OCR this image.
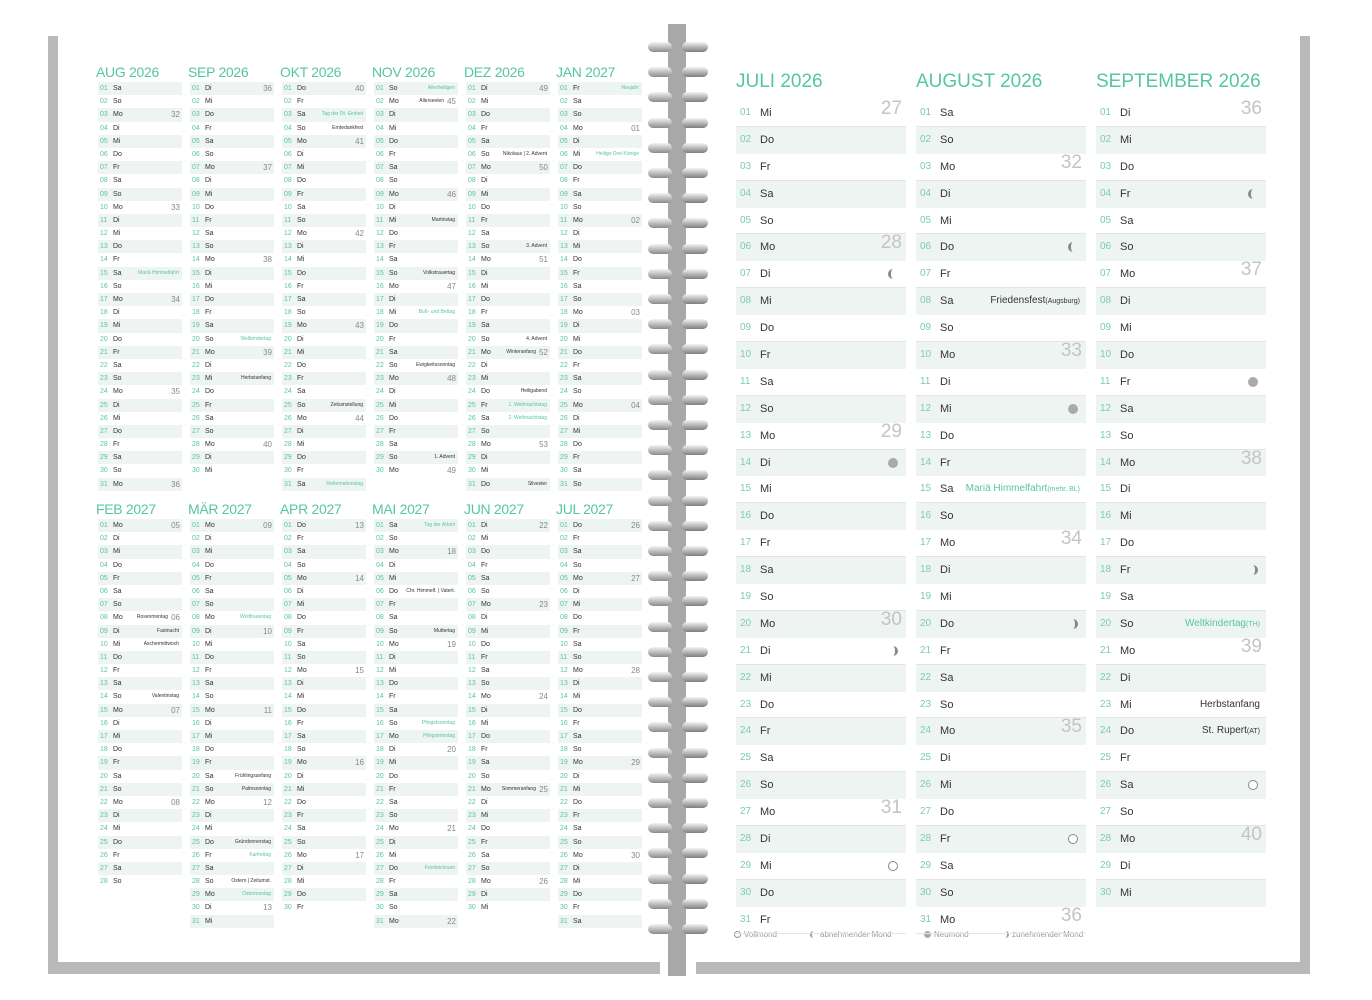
AUG 2026
01 Sa
02 So
03 Mo	32
04 Di
05 Mi
06 Do
07 Fr
08 Sa
09 So
10 Mo	33
11 Di
12 Mi
13 Do
14 Fr
15 Sa	Mariä Himmelfahrt
16 So
17 Mo	34
18 Di
19 Mi
20 Do
21 Fr
22 Sa
23 So
24 Mo	35
25 Di
26 Mi
27 Do
28 Fr
29 Sa
30 So
31 Mo	36
SEP 2026
01 Di	36
02 Mi
03 Do
04 Fr
05 Sa
06 So
07 Mo	37
08 Di
09 Mi
10 Do
11 Fr
12 Sa
13 So
14 Mo	38
15 Di
16 Mi
17 Do
18 Fr
19 Sa
20 So	Weltkindertag
21 Mo	39
22 Di
23 Mi	Herbstanfang
24 Do
25 Fr
26 Sa
27 So
28 Mo	40
29 Di
30 Mi
OKT 2026
01 Do	40
02 Fr
03 Sa	Tag der Dt. Einheit
04 So	Erntedankfest
05 Mo	41
06 Di
07 Mi
08 Do
09 Fr
10 Sa
11 So
12 Mo	42
13 Di
14 Mi
15 Do
16 Fr
17 Sa
18 So
19 Mo	43
20 Di
21 Mi
22 Do
23 Fr
24 Sa
25 So	Zeitumstellung
26 Mo	44
27 Di
28 Mi
29 Do
30 Fr
31 Sa	Reformationstag
NOV 2026
01 So	Allerheiligen
02 Mo	Allerseelen 45
03 Di
04 Mi
05 Do
06 Fr
07 Sa
08 So
09 Mo	46
10 Di
11 Mi	Martinstag
12 Do
13 Fr
14 Sa
15 So	Volkstrauertag
16 Mo	47
17 Di
18 Mi	Buß- und Bettag
19 Do
20 Fr
21 Sa
22 So	Ewigkeitssonntag
23 Mo	48
24 Di
25 Mi
26 Do
27 Fr
28 Sa
29 So	1. Advent
30 Mo	49
DEZ 2026
01 Di	49
02 Mi
03 Do
04 Fr
05 Sa
06 So	Nikolaus | 2. Advent
07 Mo	50
08 Di
09 Mi
10 Do
11 Fr
12 Sa
13 So	3. Advent
14 Mo	51
15 Di
16 Mi
17 Do
18 Fr
19 Sa
20 So	4. Advent
21 Mo	Winteranfang 52
22 Di
23 Mi
24 Do	Heiligabend
25 Fr	1. Weihnachtstag
26 Sa	2. Weihnachtstag
27 So
28 Mo	53
29 Di
30 Mi
31 Do	Silvester
JAN 2027
01 Fr	Neujahr
02 Sa
03 So
04 Mo	01
05 Di
06 Mi	Heilige Drei Könige
07 Do
08 Fr
09 Sa
10 So
11 Mo	02
12 Di
13 Mi
14 Do
15 Fr
16 Sa
17 So
18 Mo	03
19 Di
20 Mi
21 Do
22 Fr
23 Sa
24 So
25 Mo	04
26 Di
27 Mi
28 Do
29 Fr
30 Sa
31 So
FEB 2027
01 Mo	05
02 Di
03 Mi
04 Do
05 Fr
06 Sa
07 So
08 Mo	Rosenmontag 06
09 Di	Fastnacht
10 Mi	Aschermittwoch
11 Do
12 Fr
13 Sa
14 So	Valentinstag
15 Mo	07
16 Di
17 Mi
18 Do
19 Fr
20 Sa
21 So
22 Mo	08
23 Di
24 Mi
25 Do
26 Fr
27 Sa
28 So
MÄR 2027
01 Mo	09
02 Di
03 Mi
04 Do
05 Fr
06 Sa
07 So
08 Mo	Weltfrauentag
09 Di	10
10 Mi
11 Do
12 Fr
13 Sa
14 So
15 Mo	11
16 Di
17 Mi
18 Do
19 Fr
20 Sa	Frühlingsanfang
21 So	Palmsonntag
22 Mo	12
23 Di
24 Mi
25 Do	Gründonnerstag
26 Fr	Karfreitag
27 Sa
28 So	Ostern | Zeitumst.
29 Mo	Ostermontag
30 Di	13
31 Mi
APR 2027
01 Do	13
02 Fr
03 Sa
04 So
05 Mo	14
06 Di
07 Mi
08 Do
09 Fr
10 Sa
11 So
12 Mo	15
13 Di
14 Mi
15 Do
16 Fr
17 Sa
18 So
19 Mo	16
20 Di
21 Mi
22 Do
23 Fr
24 Sa
25 So
26 Mo	17
27 Di
28 Mi
29 Do
30 Fr
MAI 2027
01 Sa	Tag der Arbeit
02 So
03 Mo	18
04 Di
05 Mi
06 Do Chr. Himmelf. | Vatert.
07 Fr
08 Sa
09 So	Muttertag
10 Mo	19
11 Di
12 Mi
13 Do
14 Fr
15 Sa
16 So	Pfingstsonntag
17 Mo	Pfingstmontag
18 Di	20
19 Mi
20 Do
21 Fr
22 Sa
23 So
24 Mo	21
25 Di
26 Mi
27 Do	Fronleichnam
28 Fr
29 Sa
30 So
31 Mo	22
JUN 2027
01 Di	22
02 Mi
03 Do
04 Fr
05 Sa
06 So
07 Mo	23
08 Di
09 Mi
10 Do
11 Fr
12 Sa
13 So
14 Mo	24
15 Di
16 Mi
17 Do
18 Fr
19 Sa
20 So
21 Mo Sommeranfang 25
22 Di
23 Mi
24 Do
25 Fr
26 Sa
27 So
28 Mo	26
29 Di
30 Mi
JUL 2027
01 Do	26
02 Fr
03 Sa
04 So
05 Mo	27
06 Di
07 Mi
08 Do
09 Fr
10 Sa
11 So
12 Mo	28
13 Di
14 Mi
15 Do
16 Fr
17 Sa
18 So
19 Mo	29
20 Di
21 Mi
22 Do
23 Fr
24 Sa
25 So
26 Mo	30
27 Di
28 Mi
29 Do
30 Fr
31 Sa
Vollmond	abnehmender Mond	Neumond	zunehmender Mond
JULI 2026
01 Mi	27
02 Do
03 Fr
04 Sa
05 So
06 Mo	28
07 Di
08 Mi
09 Do
10 Fr
11 Sa
12 So
13 Mo	29
14 Di
15 Mi
16 Do
17 Fr
18 Sa
19 So
20 Mo	30
21 Di
22 Mi
23 Do
24 Fr
25 Sa
26 So
27 Mo	31
28 Di
29 Mi
30 Do
31 Fr
AUGUST 2026
01 Sa
02 So
03 Mo	32
04 Di
05 Mi
06 Do
07 Fr
08 Sa	Friedensfest(Augsburg)
09 So
10 Mo	33
11 Di
12 Mi
13 Do
14 Fr
15 Sa Mariä Himmelfahrt(mehr. BL)
16 So
17 Mo	34
18 Di
19 Mi
20 Do
21 Fr
22 Sa
23 So
24 Mo	35
25 Di
26 Mi
27 Do
28 Fr
29 Sa
30 So
31 Mo	36
SEPTEMBER 2026
01 Di	36
02 Mi
03 Do
04 Fr
05 Sa
06 So
07 Mo	37
08 Di
09 Mi
10 Do
11 Fr
12 Sa
13 So
14 Mo	38
15 Di
16 Mi
17 Do
18 Fr
19 Sa
20 So	Weltkindertag(TH)
21 Mo	39
22 Di
23 Mi	Herbstanfang
24 Do	St. Rupert(AT)
25 Fr
26 Sa
27 So
28 Mo	40
29 Di
30 Mi
